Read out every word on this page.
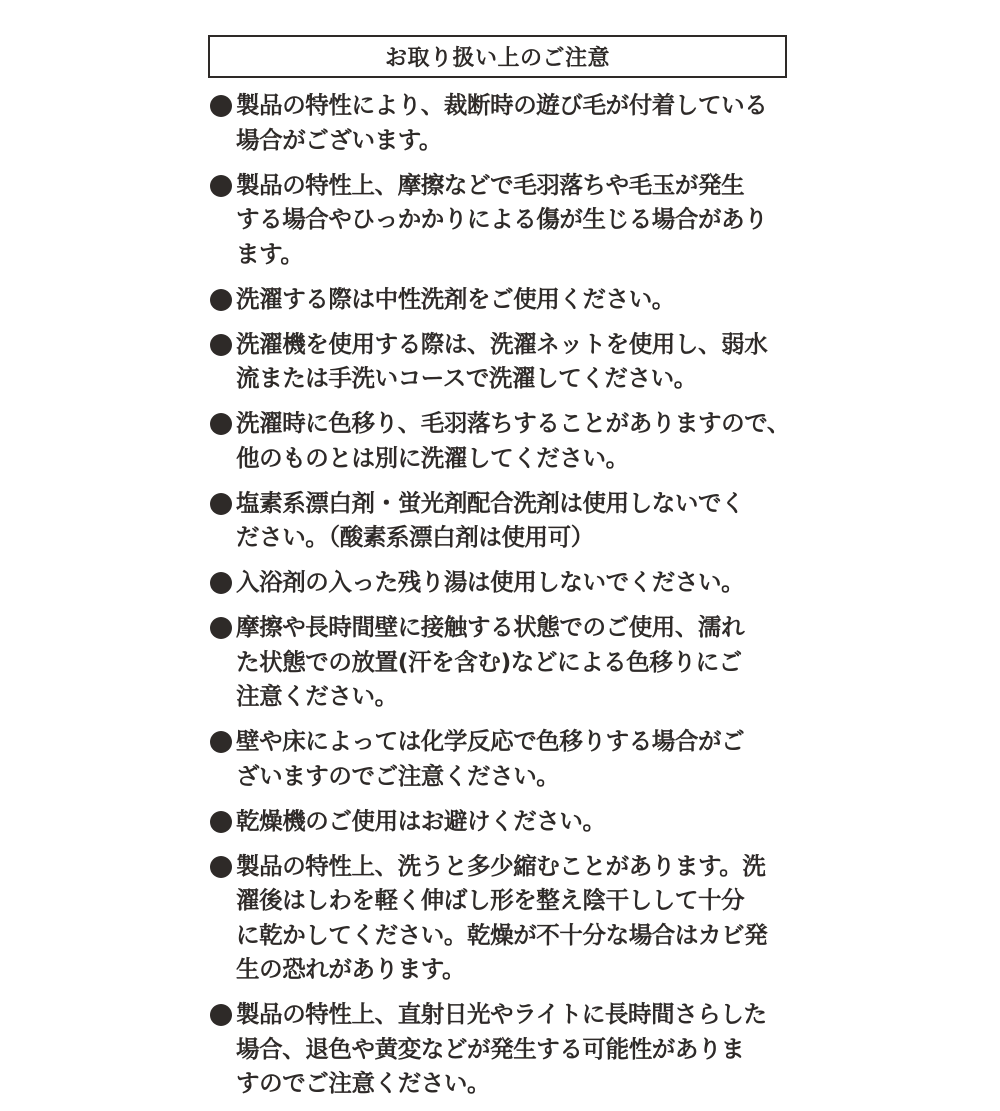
お取り扱い上のご注意
製品の特性により、裁断時の遊び毛が付着している
場合がございます。
製品の特性上、摩擦などで毛羽落ちや毛玉が発生
する場合やひっかかりによる傷が生じる場合があり
ます。
洗濯する際は中性洗剤をご使用ください。
洗濯機を使用する際は、洗濯ネットを使用し、弱水
流または手洗いコースで洗濯してください。
洗濯時に色移り、毛羽落ちすることがありますので、
他のものとは別に洗濯してください。
塩素系漂白剤・蛍光剤配合洗剤は使用しないでく
ださい。（酸素系漂白剤は使用可）
入浴剤の入った残り湯は使用しないでください。
摩擦や長時間壁に接触する状態でのご使用、濡れ
た状態での放置(汗を含む)などによる色移りにご
注意ください。
壁や床によっては化学反応で色移りする場合がご
ざいますのでご注意ください。
乾燥機のご使用はお避けください。
製品の特性上、洗うと多少縮むことがあります。洗
濯後はしわを軽く伸ばし形を整え陰干しして十分
に乾かしてください。乾燥が不十分な場合はカビ発
生の恐れがあります。
製品の特性上、直射日光やライトに長時間さらした
場合、退色や黄変などが発生する可能性がありま
すのでご注意ください。
